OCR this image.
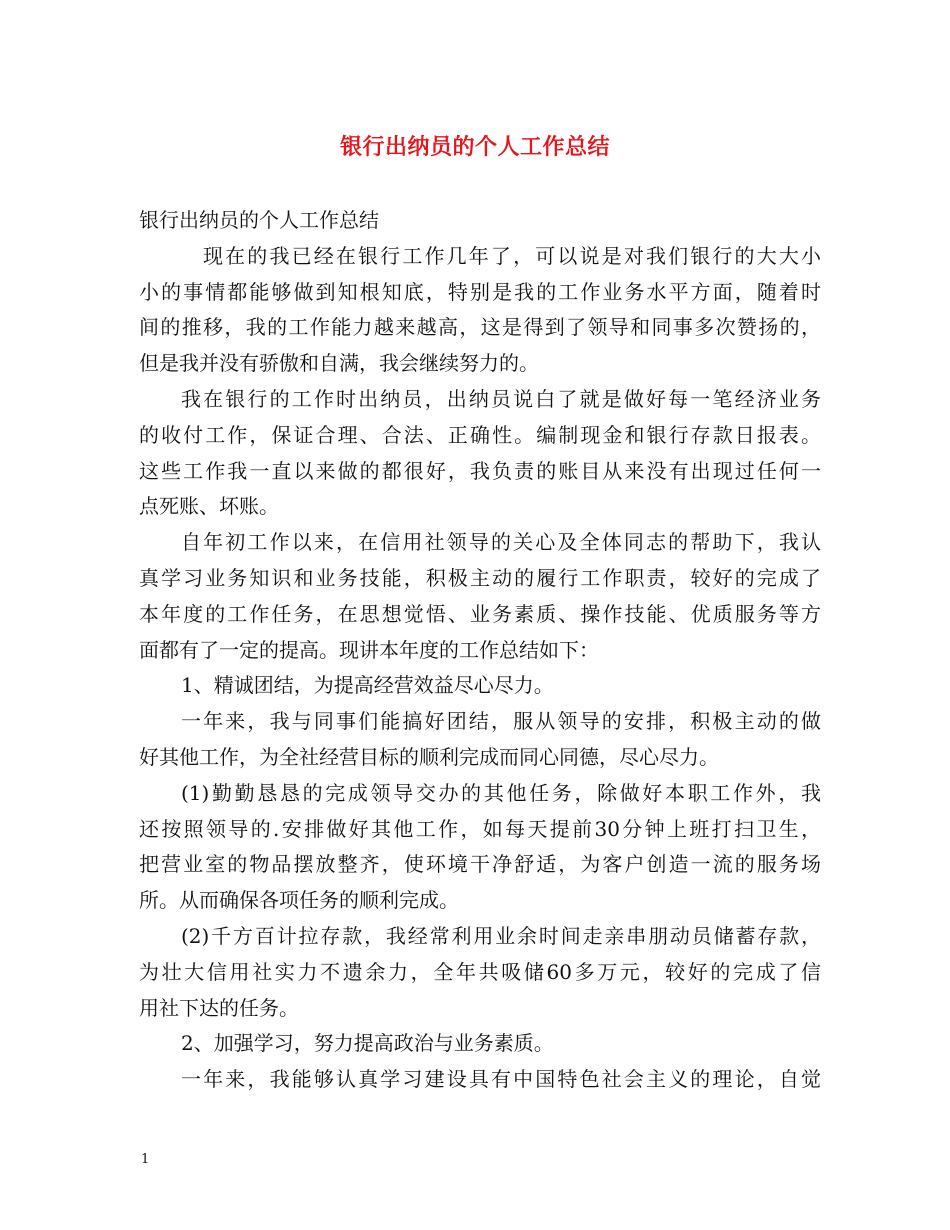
银行出纳员的个人工作总结
银行出纳员的个人工作总结
现在的我已经在银行工作几年了，可以说是对我们银行的大大小
小的事情都能够做到知根知底，特别是我的工作业务水平方面，随着时
间的推移，我的工作能力越来越高，这是得到了领导和同事多次赞扬的，
但是我并没有骄傲和自满，我会继续努力的。
我在银行的工作时出纳员，出纳员说白了就是做好每一笔经济业务
的收付工作，保证合理、合法、正确性。编制现金和银行存款日报表。
这些工作我一直以来做的都很好，我负责的账目从来没有出现过任何一
点死账、坏账。
自年初工作以来，在信用社领导的关心及全体同志的帮助下，我认
真学习业务知识和业务技能，积极主动的履行工作职责，较好的完成了
本年度的工作任务，在思想觉悟、业务素质、操作技能、优质服务等方
面都有了一定的提高。现讲本年度的工作总结如下：
1、精诚团结，为提高经营效益尽心尽力。
一年来，我与同事们能搞好团结，服从领导的安排，积极主动的做
好其他工作，为全社经营目标的顺利完成而同心同德，尽心尽力。
(1)勤勤恳恳的完成领导交办的其他任务，除做好本职工作外，我
还按照领导的.安排做好其他工作，如每天提前30分钟上班打扫卫生，
把营业室的物品摆放整齐，使环境干净舒适，为客户创造一流的服务场
所。从而确保各项任务的顺利完成。
(2)千方百计拉存款，我经常利用业余时间走亲串朋动员储蓄存款，
为壮大信用社实力不遗余力，全年共吸储60多万元，较好的完成了信
用社下达的任务。
2、加强学习，努力提高政治与业务素质。
一年来，我能够认真学习建设具有中国特色社会主义的理论，自觉
1
